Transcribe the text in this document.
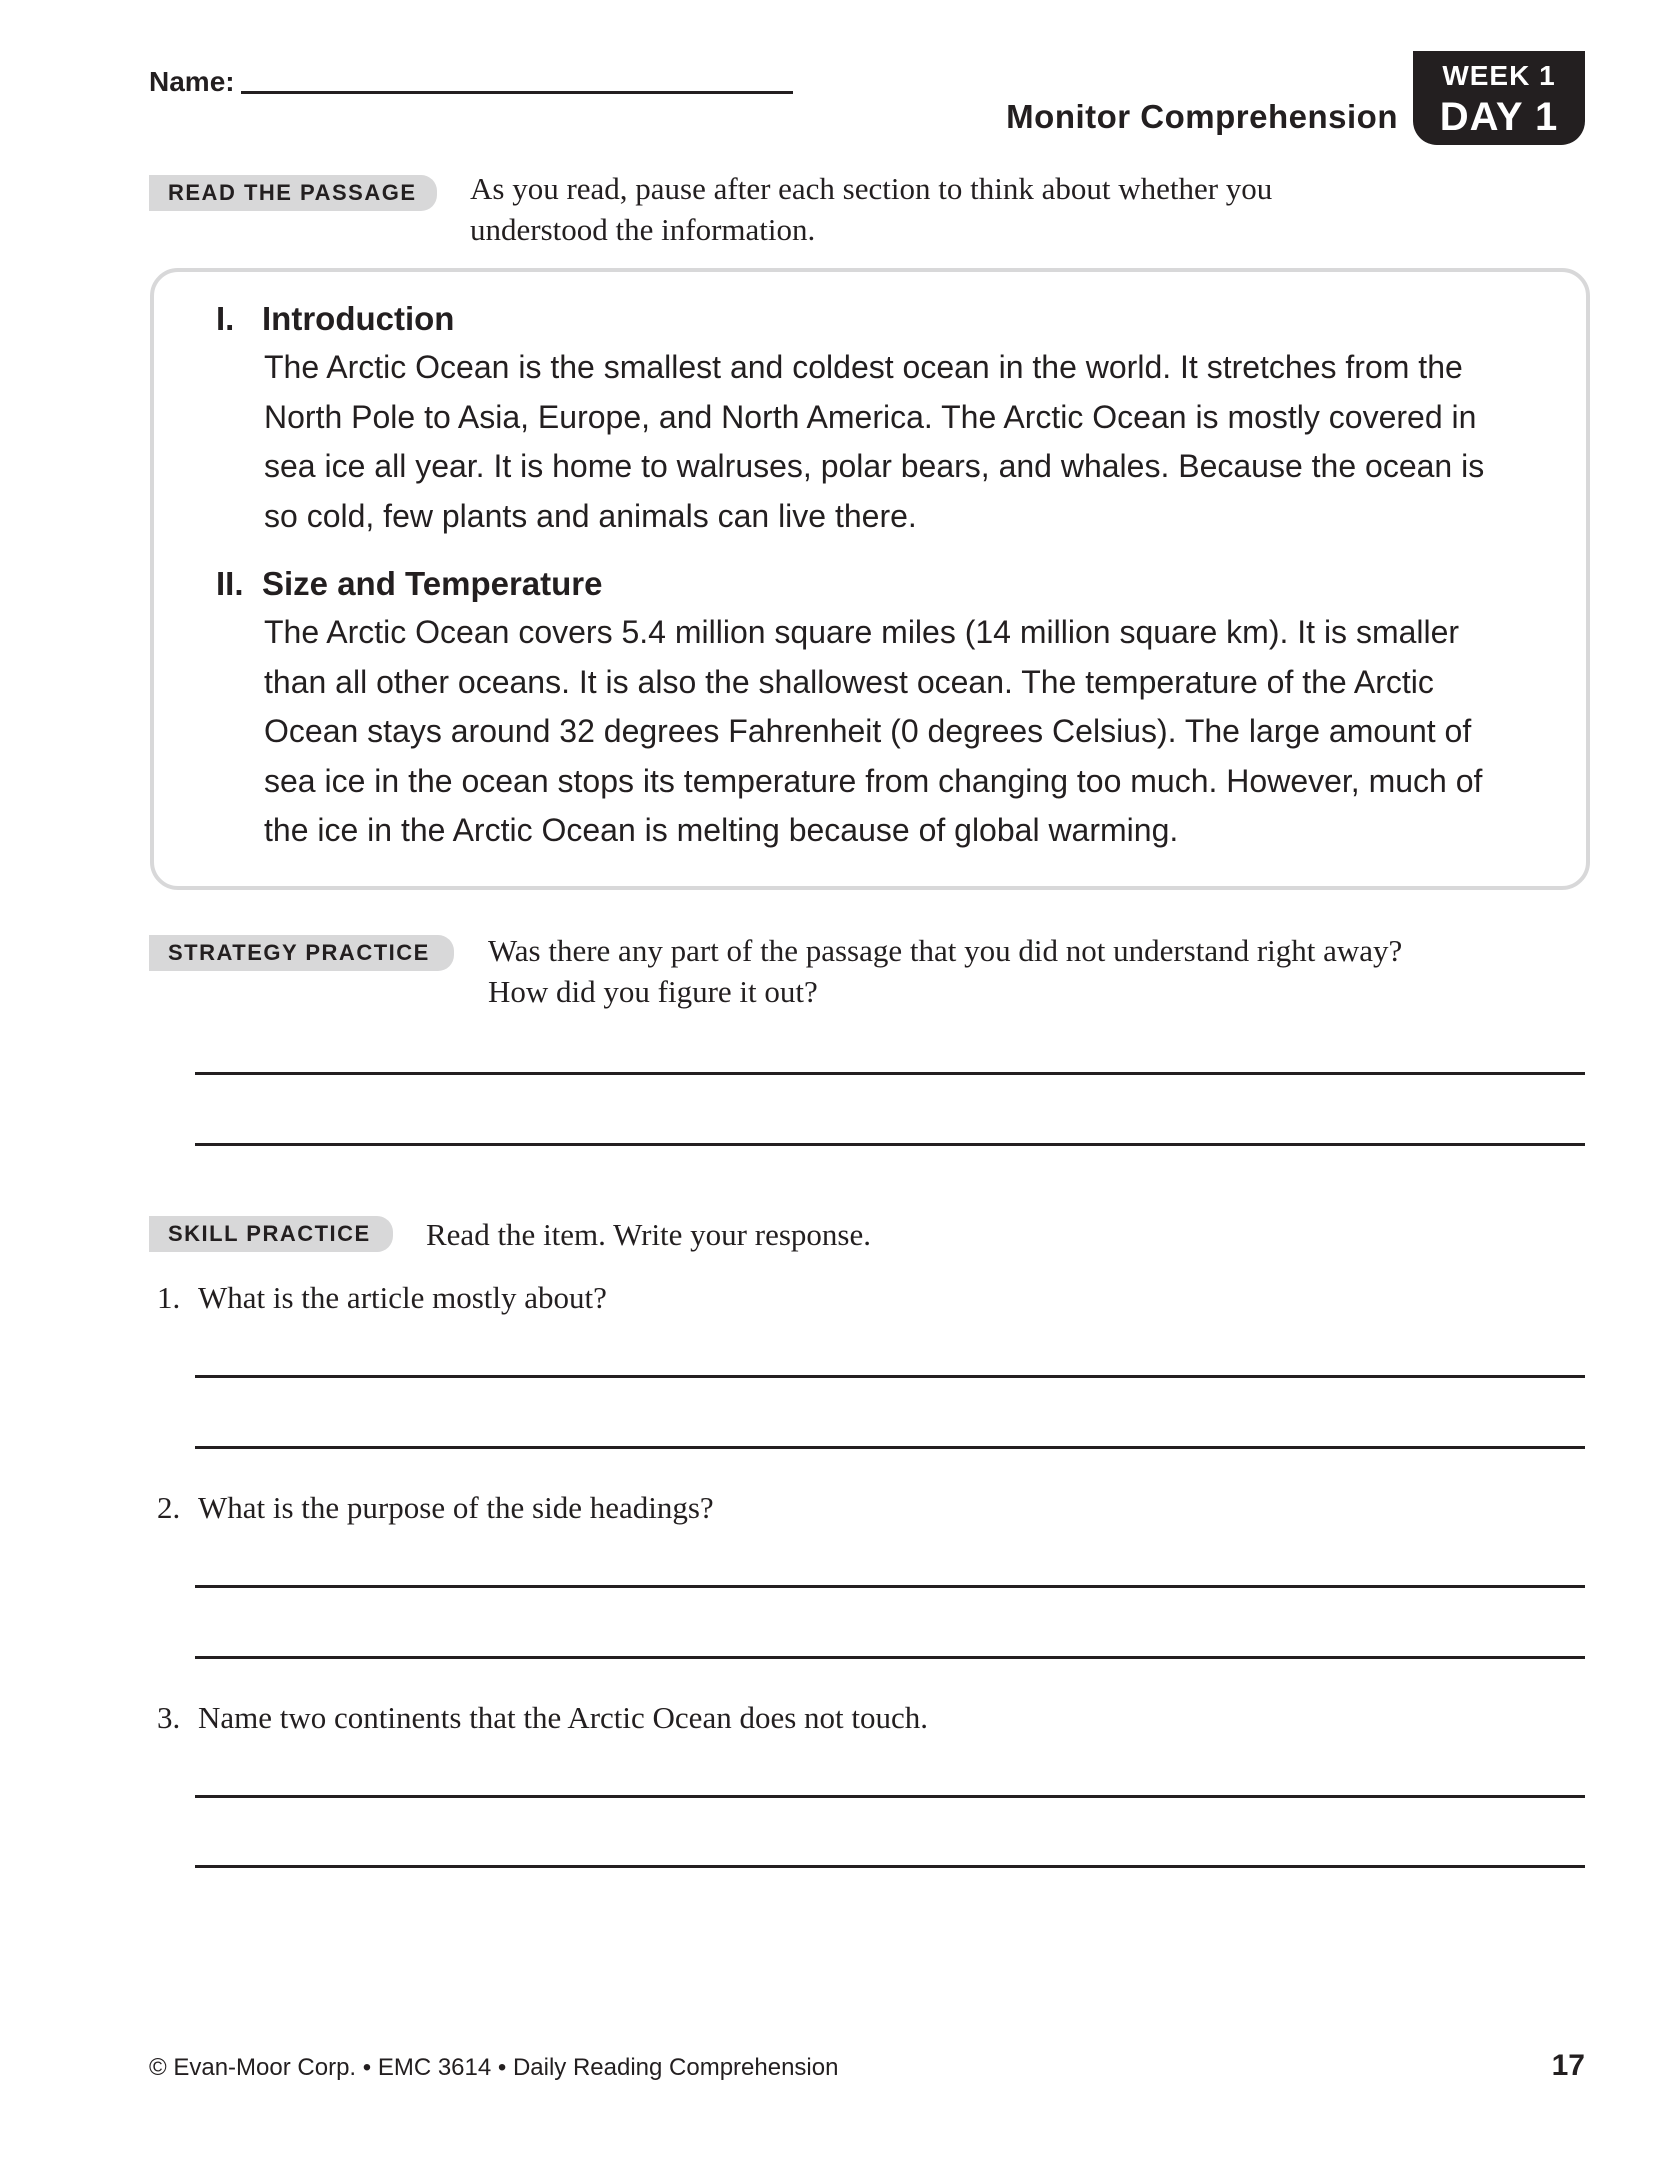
Name:
Monitor Comprehension
WEEK 1
DAY 1
READ THE PASSAGE	As you read, pause after each section to think about whether you
understood the information.
I. Introduction
The Arctic Ocean is the smallest and coldest ocean in the world. It stretches from the
North Pole to Asia, Europe, and North America. The Arctic Ocean is mostly covered in
sea ice all year. It is home to walruses, polar bears, and whales. Because the ocean is
so cold, few plants and animals can live there.
II. Size and Temperature
The Arctic Ocean covers 5.4 million square miles (14 million square km). It is smaller
than all other oceans. It is also the shallowest ocean. The temperature of the Arctic
Ocean stays around 32 degrees Fahrenheit (0 degrees Celsius). The large amount of
sea ice in the ocean stops its temperature from changing too much. However, much of
the ice in the Arctic Ocean is melting because of global warming.
STRATEGY PRACTICE	Was there any part of the passage that you did not understand right away?
How did you figure it out?
SKILL PRACTICE	Read the item. Write your response.
1. What is the article mostly about?
2. What is the purpose of the side headings?
3. Name two continents that the Arctic Ocean does not touch.
© Evan-Moor Corp. • EMC 3614 • Daily Reading Comprehension	17
